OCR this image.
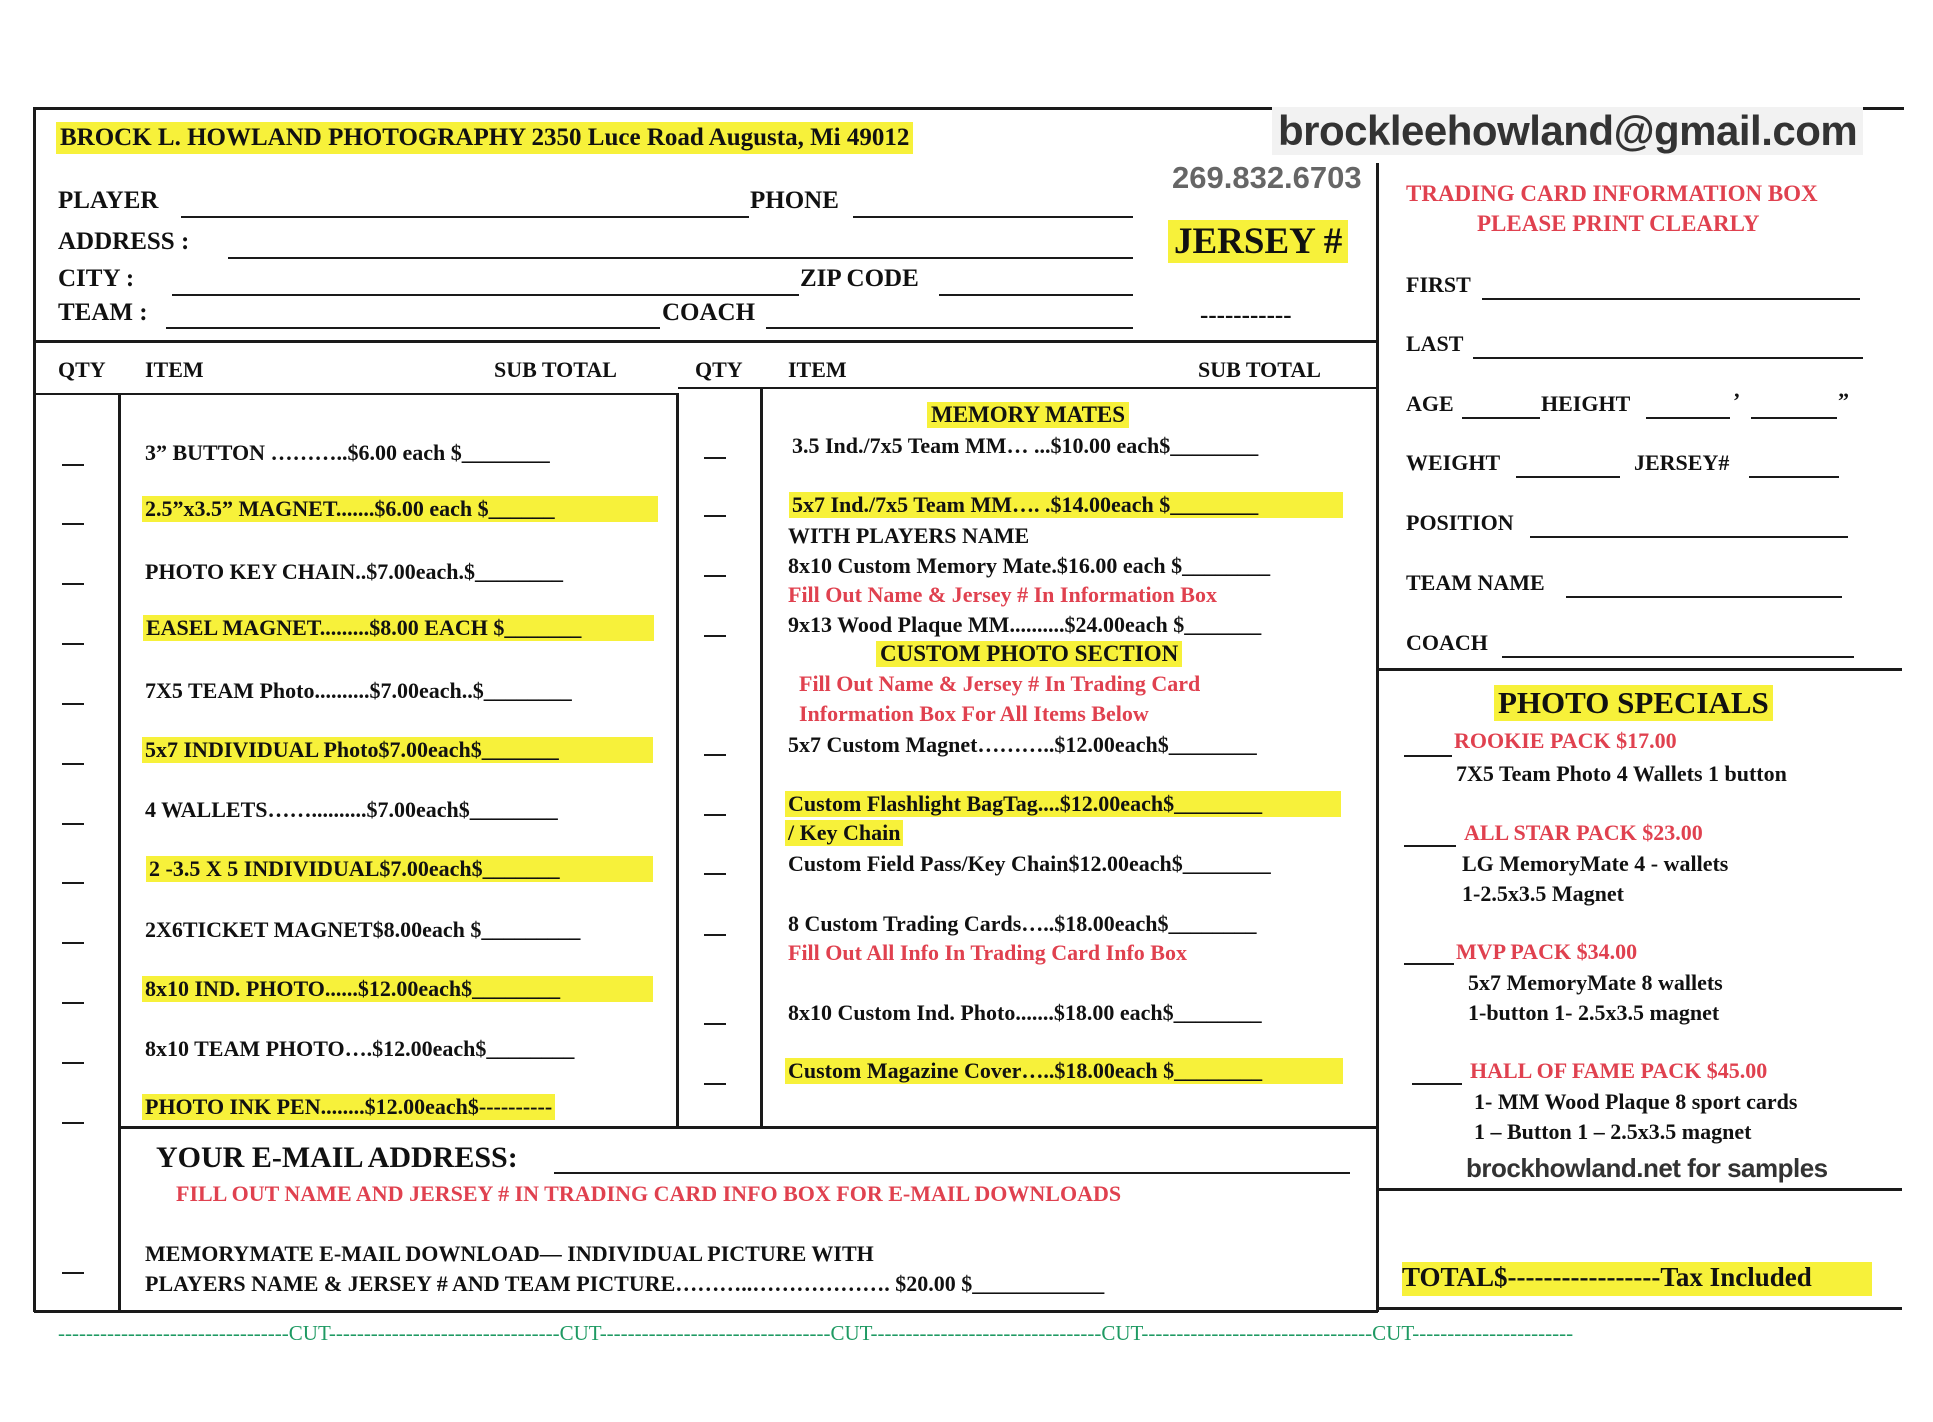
BROCK L. HOWLAND PHOTOGRAPHY 2350 Luce Road Augusta, Mi 49012	brockleehowland@gmail.com
269.832.6703
JERSEY #
-----------
PLAYER	PHONE
ADDRESS :
CITY :	ZIP CODE
TEAM :	COACH
QTY ITEM	SUB TOTAL	QTY ITEM	SUB TOTAL
3” BUTTON ………..$6.00 each $________
2.5”x3.5” MAGNET.......$6.00 each $______
PHOTO KEY CHAIN..$7.00each.$________
EASEL MAGNET.........$8.00 EACH $_______
7X5 TEAM Photo..........$7.00each..$________
5x7 INDIVIDUAL Photo$7.00each$_______
4 WALLETS……..........$7.00each$________
2 -3.5 X 5 INDIVIDUAL$7.00each$_______
2X6TICKET MAGNET$8.00each $_________
8x10 IND. PHOTO......$12.00each$________
8x10 TEAM PHOTO….$12.00each$________
PHOTO INK PEN........$12.00each$----------
MEMORY MATES
3.5 Ind./7x5 Team MM… ...$10.00 each$________
5x7 Ind./7x5 Team MM…. .$14.00each $________
WITH PLAYERS NAME
8x10 Custom Memory Mate.$16.00 each $________
Fill Out Name & Jersey # In Information Box
9x13 Wood Plaque MM..........$24.00each $_______
CUSTOM PHOTO SECTION
Fill Out Name & Jersey # In Trading Card
Information Box For All Items Below
5x7 Custom Magnet………..$12.00each$________
Custom Flashlight BagTag....$12.00each$________
/ Key Chain
Custom Field Pass/Key Chain$12.00each$________
8 Custom Trading Cards…..$18.00each$________
Fill Out All Info In Trading Card Info Box
8x10 Custom Ind. Photo.......$18.00 each$________
Custom Magazine Cover…..$18.00each $________
YOUR E-MAIL ADDRESS:
FILL OUT NAME AND JERSEY # IN TRADING CARD INFO BOX FOR E-MAIL DOWNLOADS
MEMORYMATE E-MAIL DOWNLOAD— INDIVIDUAL PICTURE WITH
PLAYERS NAME & JERSEY # AND TEAM PICTURE………..………………. $20.00 $____________
TRADING CARD INFORMATION BOX
PLEASE PRINT CLEARLY
FIRST
LAST
AGE	HEIGHT	’	”
WEIGHT	JERSEY#
POSITION
TEAM NAME
COACH
PHOTO SPECIALS
ROOKIE PACK $17.00
7X5 Team Photo 4 Wallets 1 button
ALL STAR PACK $23.00
LG MemoryMate 4 - wallets
1-2.5x3.5 Magnet
MVP PACK $34.00
5x7 MemoryMate 8 wallets
1-button 1- 2.5x3.5 magnet
HALL OF FAME PACK $45.00
1- MM Wood Plaque 8 sport cards
1 – Button 1 – 2.5x3.5 magnet
brockhowland.net for samples
TOTAL$-----------------Tax Included
---------------------------------CUT---------------------------------CUT---------------------------------CUT---------------------------------CUT---------------------------------CUT-----------------------
